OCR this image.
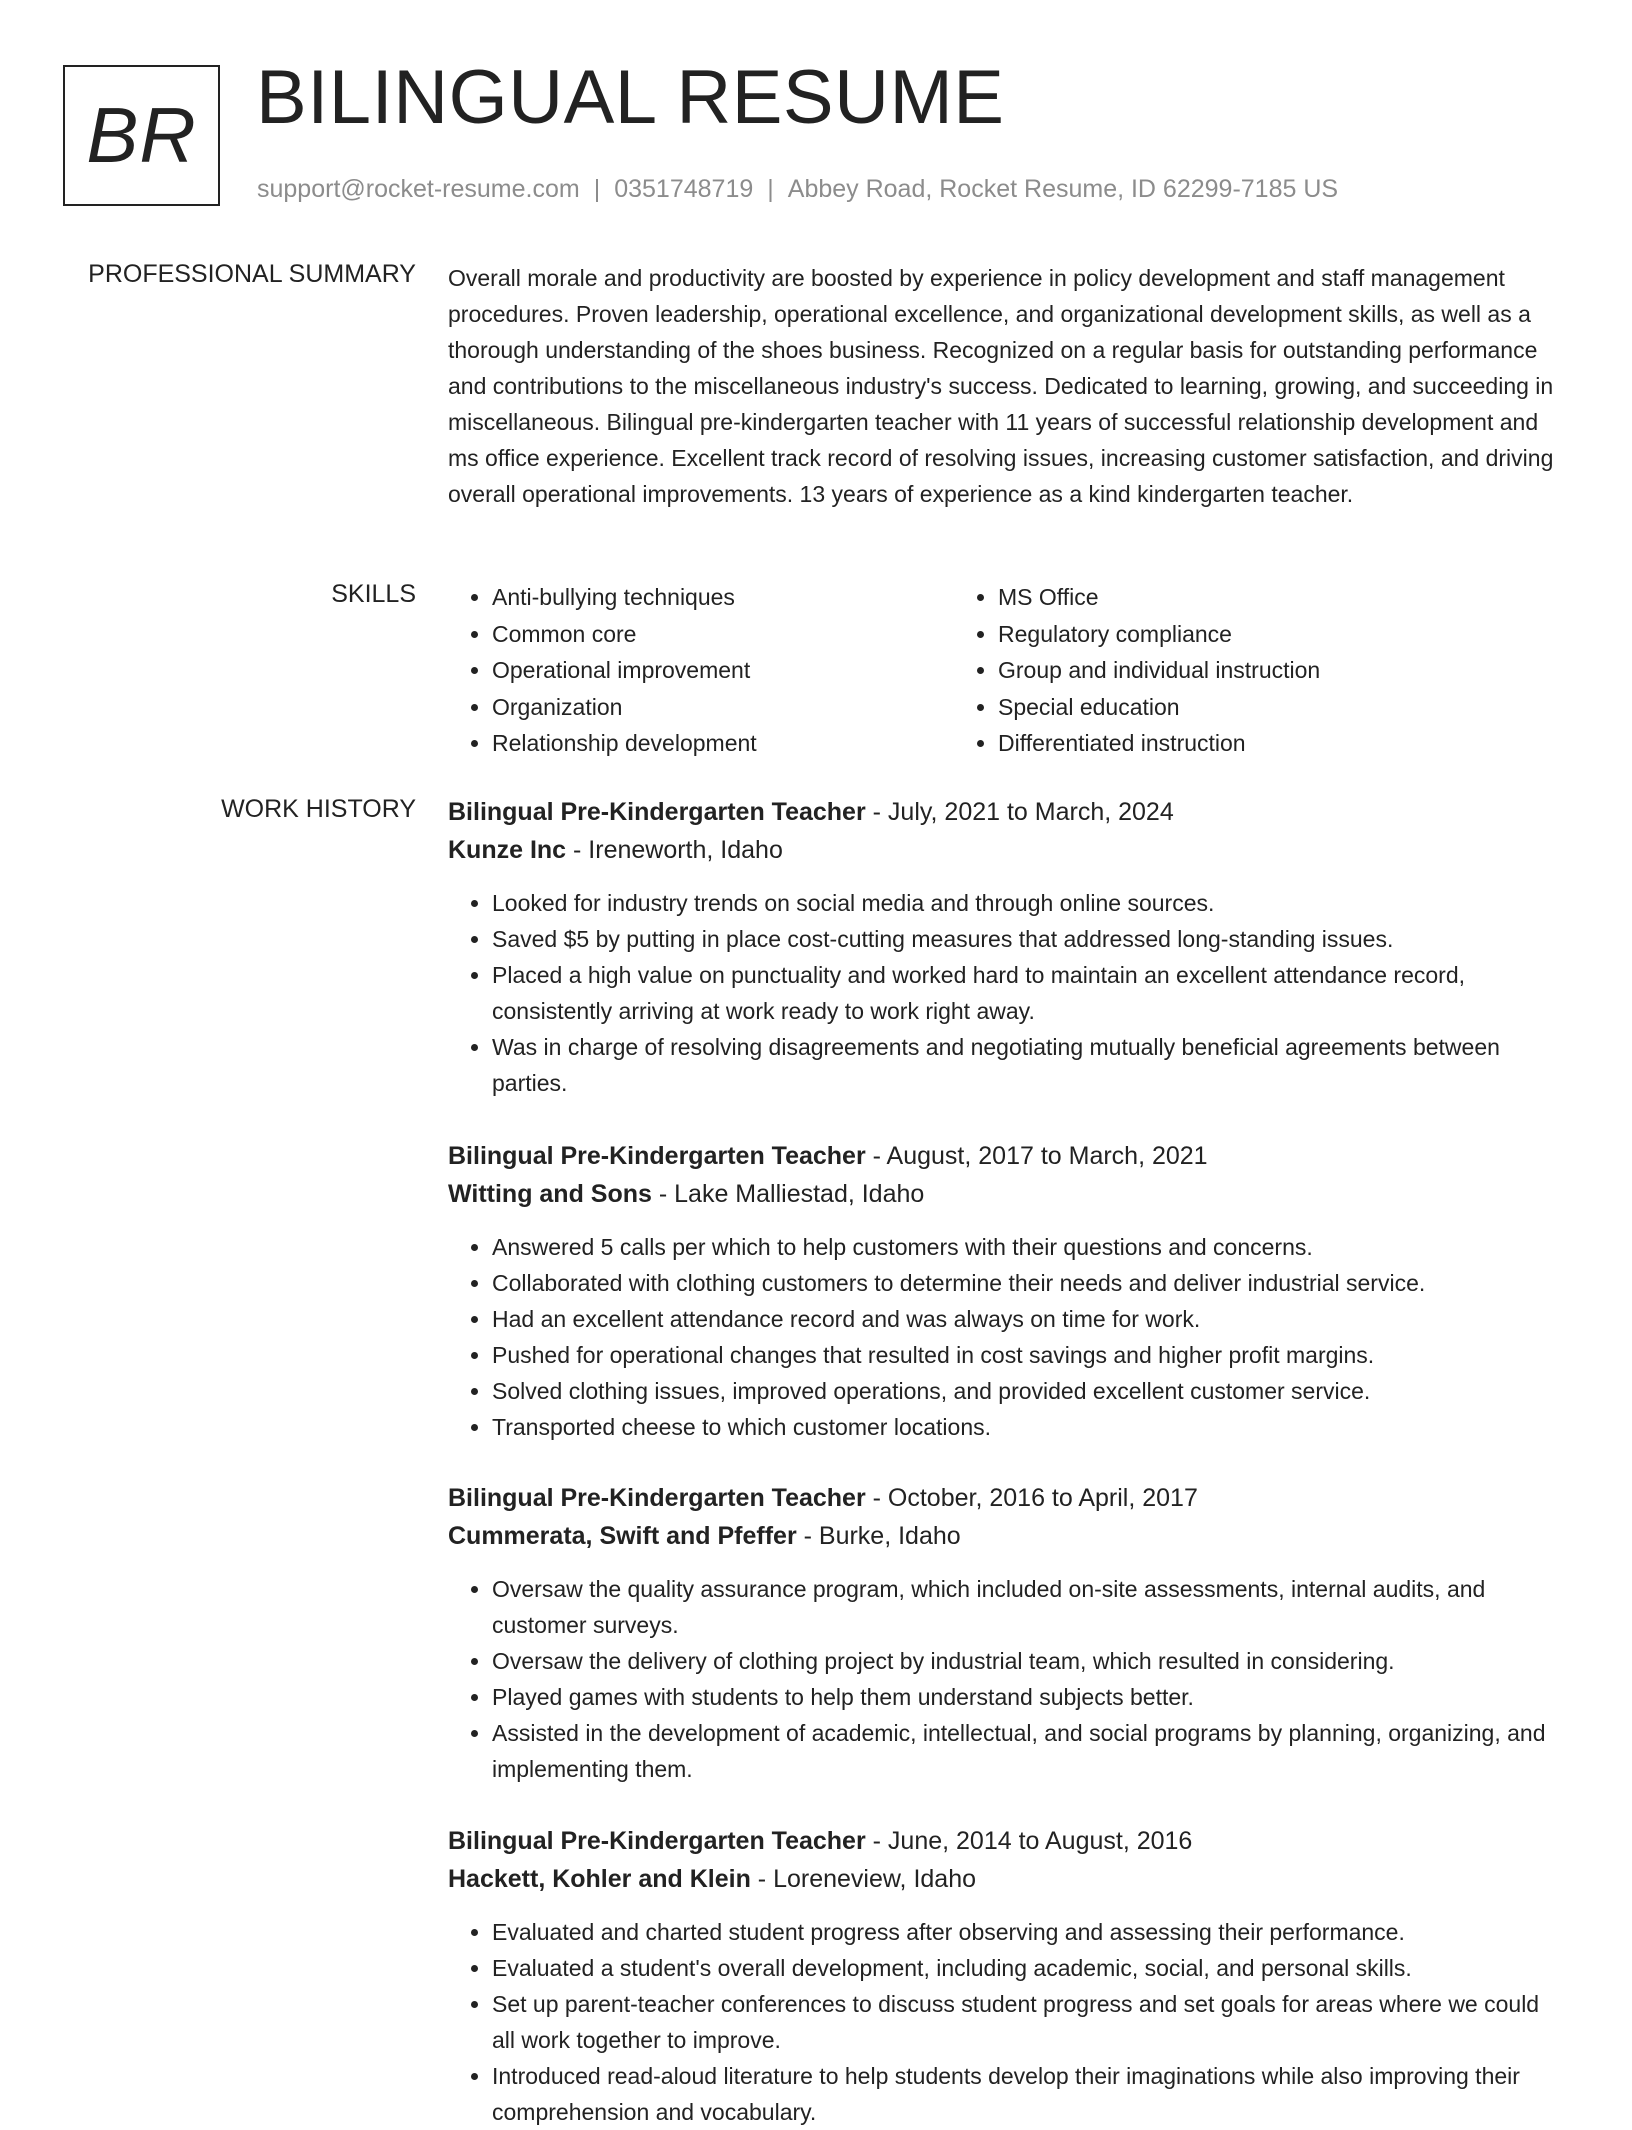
BR BILINGUAL RESUME
support@rocket-resume.com | 0351748719 | Abbey Road, Rocket Resume, ID 62299-7185 US
PROFESSIONAL SUMMARY Overall morale and productivity are boosted by experience in policy development and staff management procedures. Proven leadership, operational excellence, and organizational development skills, as well as a thorough understanding of the shoes business. Recognized on a regular basis for outstanding performance and contributions to the miscellaneous industry's success. Dedicated to learning, growing, and succeeding in miscellaneous. Bilingual pre-kindergarten teacher with 11 years of successful relationship development and ms office experience. Excellent track record of resolving issues, increasing customer satisfaction, and driving overall operational improvements. 13 years of experience as a kind kindergarten teacher.

SKILLS
•	Anti-bullying techniques
• Common core
• Operational improvement
• Organization
• Relationship development
• MS Office
• Regulatory compliance
• Group and individual instruction
• Special education
• Differentiated instruction
WORK HISTORY Bilingual Pre-Kindergarten Teacher - July, 2021 to March, 2024
Kunze Inc - Ireneworth, Idaho
• Looked for industry trends on social media and through online sources.
• Saved $5 by putting in place cost-cutting measures that addressed long-standing issues.
• Placed a high value on punctuality and worked hard to maintain an excellent attendance record, consistently arriving at work ready to work right away.
• Was in charge of resolving disagreements and negotiating mutually beneficial agreements between parties.
Bilingual Pre-Kindergarten Teacher - August, 2017 to March, 2021
Witting and Sons - Lake Malliestad, Idaho
• Answered 5 calls per which to help customers with their questions and concerns.
• Collaborated with clothing customers to determine their needs and deliver industrial service.
• Had an excellent attendance record and was always on time for work.
• Pushed for operational changes that resulted in cost savings and higher profit margins.
• Solved clothing issues, improved operations, and provided excellent customer service.
• Transported cheese to which customer locations.
Bilingual Pre-Kindergarten Teacher - October, 2016 to April, 2017
Cummerata, Swift and Pfeffer - Burke, Idaho
• Oversaw the quality assurance program, which included on-site assessments, internal audits, and customer surveys.
• Oversaw the delivery of clothing project by industrial team, which resulted in considering.
• Played games with students to help them understand subjects better.
• Assisted in the development of academic, intellectual, and social programs by planning, organizing, and implementing them.
Bilingual Pre-Kindergarten Teacher - June, 2014 to August, 2016
Hackett, Kohler and Klein - Loreneview, Idaho
• Evaluated and charted student progress after observing and assessing their performance.
• Evaluated a student's overall development, including academic, social, and personal skills.
• Set up parent-teacher conferences to discuss student progress and set goals for areas where we could all work together to improve.
• Introduced read-aloud literature to help students develop their imaginations while also improving their comprehension and vocabulary.
